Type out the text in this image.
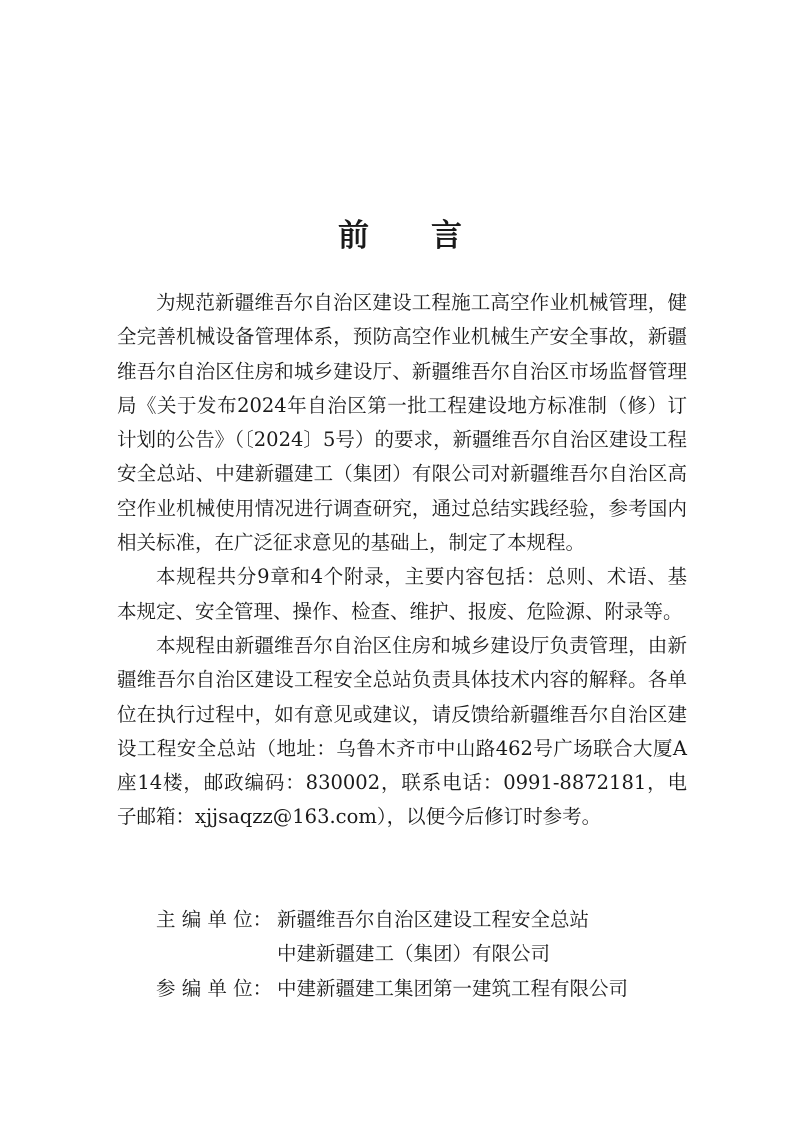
前言

为规范新疆维吾尔自治区建设工程施工高空作业机械管理，健全完善机械设备管理体系，预防高空作业机械生产安全事故，新疆维吾尔自治区住房和城乡建设厅、新疆维吾尔自治区市场监督管理局《关于发布2024年自治区第一批工程建设地方标准制（修）订计划的公告》（〔2024〕5号）的要求，新疆维吾尔自治区建设工程安全总站、中建新疆建工（集团）有限公司对新疆维吾尔自治区高空作业机械使用情况进行调查研究，通过总结实践经验，参考国内相关标准，在广泛征求意见的基础上，制定了本规程。

本规程共分9章和4个附录，主要内容包括：总则、术语、基本规定、安全管理、操作、检查、维护、报废、危险源、附录等。

本规程由新疆维吾尔自治区住房和城乡建设厅负责管理，由新疆维吾尔自治区建设工程安全总站负责具体技术内容的解释。各单位在执行过程中，如有意见或建议，请反馈给新疆维吾尔自治区建设工程安全总站（地址：乌鲁木齐市中山路462号广场联合大厦A座14楼，邮政编码：830002，联系电话：0991-8872181，电子邮箱：xjjsaqzz@163.com），以便今后修订时参考。

主 编 单 位： 新疆维吾尔自治区建设工程安全总站
中建新疆建工（集团）有限公司
参 编 单 位： 中建新疆建工集团第一建筑工程有限公司
